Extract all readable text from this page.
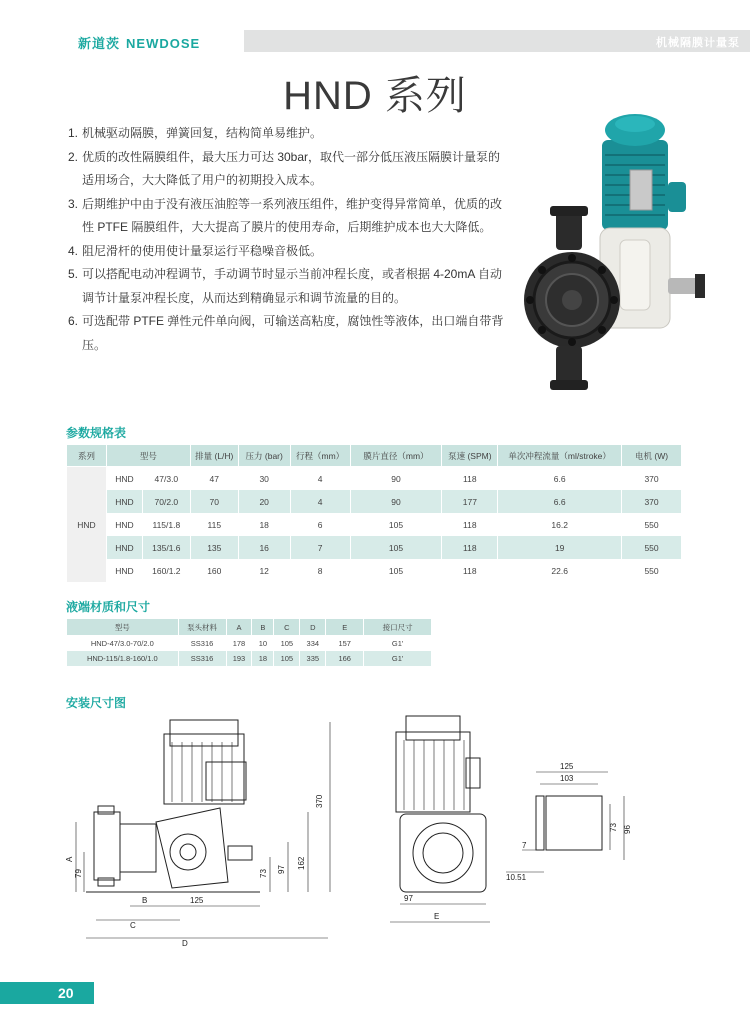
新道茨 NEWDOSE	机械隔膜计量泵
HND 系列
1. 机械驱动隔膜，弹簧回复，结构简单易维护。
2. 优质的改性隔膜组件，最大压力可达 30bar，取代一部分低压液压隔膜计量泵的适用场合，大大降低了用户的初期投入成本。
3. 后期维护中由于没有液压油腔等一系列液压组件，维护变得异常简单，优质的改性 PTFE 隔膜组件，大大提高了膜片的使用寿命，后期维护成本也大大降低。
4. 阻尼滑杆的使用使计量泵运行平稳噪音极低。
5. 可以搭配电动冲程调节，手动调节时显示当前冲程长度，或者根据 4-20mA 自动调节计量泵冲程长度，从而达到精确显示和调节流量的目的。
6. 可选配带 PTFE 弹性元件单向阀，可输送高粘度，腐蚀性等液体，出口端自带背压。
参数规格表
系列	型号		排量 (L/H)	压力 (bar)	行程（mm）	膜片直径（mm）	泵速 (SPM)	单次冲程流量（ml/stroke）	电机 (W)
HND	HND	47/3.0	47	30	4	90	118	6.6	370
	HND	70/2.0	70	20	4	90	177	6.6	370
	HND	115/1.8	115	18	6	105	118	16.2	550
	HND	135/1.6	135	16	7	105	118	19	550
	HND	160/1.2	160	12	8	105	118	22.6	550
液端材质和尺寸
型号	泵头材料	A	B	C	D	E	接口尺寸
HND-47/3.0-70/2.0	SS316	178	10	105	334	157	G1'
HND-115/1.8-160/1.0	SS316	193	18	105	335	166	G1'
安装尺寸图
370
162
97
73
A
79
125
B
C
D
97
E
125
103
73 96
7
10.51
20
